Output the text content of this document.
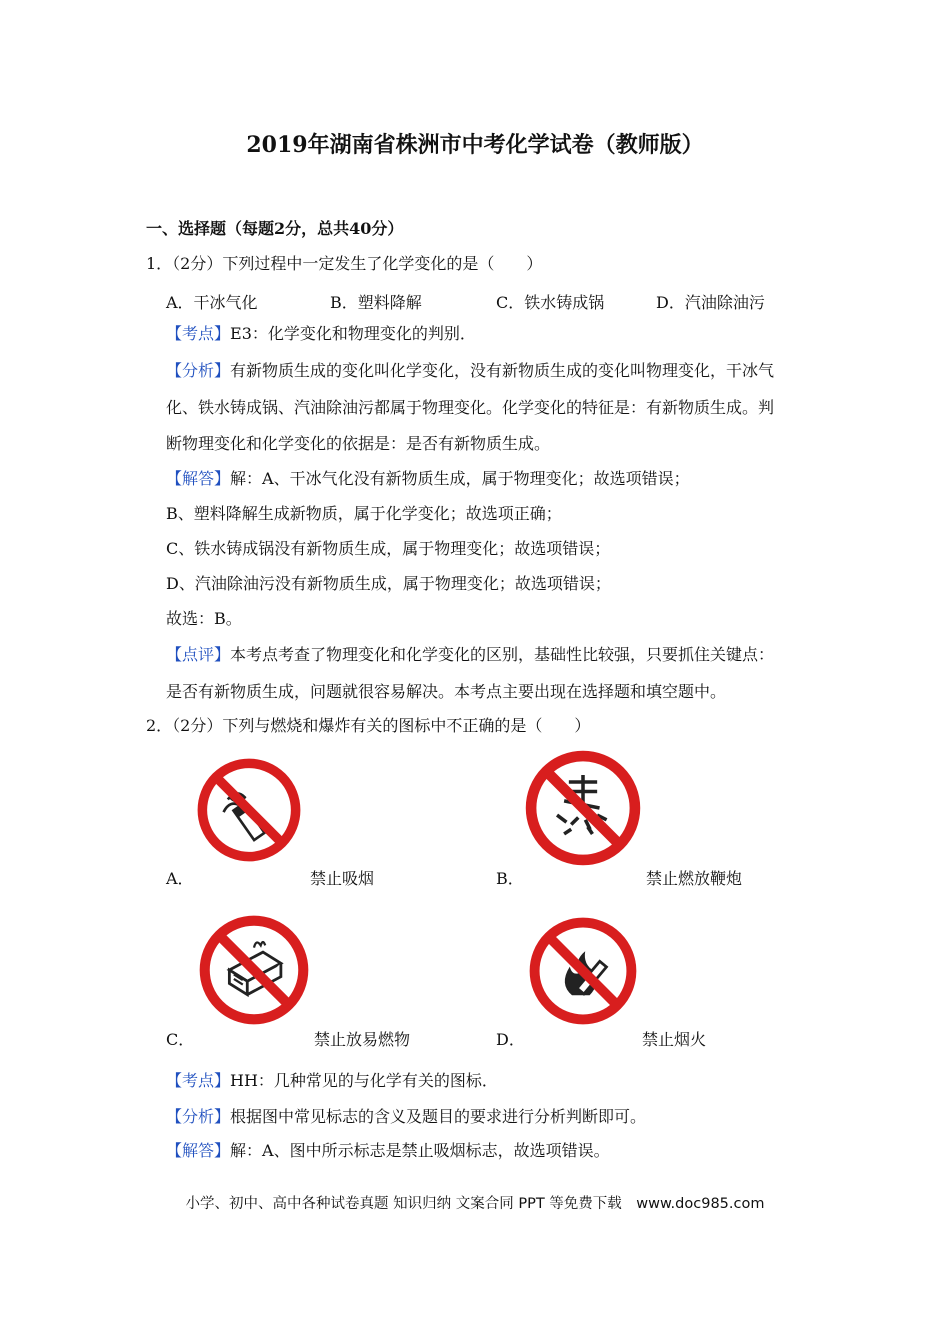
2019年湖南省株洲市中考化学试卷（教师版）
一、选择题（每题2分，总共40分）
1．（2分）下列过程中一定发生了化学变化的是（　　）
A．干冰气化	B．塑料降解	C．铁水铸成锅	D．汽油除油污
【考点】E3：化学变化和物理变化的判别．
【分析】有新物质生成的变化叫化学变化，没有新物质生成的变化叫物理变化，干冰气
化、铁水铸成锅、汽油除油污都属于物理变化。化学变化的特征是：有新物质生成。判
断物理变化和化学变化的依据是：是否有新物质生成。
【解答】解：A、干冰气化没有新物质生成，属于物理变化；故选项错误；
B、塑料降解生成新物质，属于化学变化；故选项正确；
C、铁水铸成锅没有新物质生成，属于物理变化；故选项错误；
D、汽油除油污没有新物质生成，属于物理变化；故选项错误；
故选：B。
【点评】本考点考查了物理变化和化学变化的区别，基础性比较强，只要抓住关键点：
是否有新物质生成，问题就很容易解决。本考点主要出现在选择题和填空题中。
2．（2分）下列与燃烧和爆炸有关的图标中不正确的是（　　）
A．	禁止吸烟	B．	禁止燃放鞭炮
C．	禁止放易燃物	D．	禁止烟火
【考点】HH：几种常见的与化学有关的图标．
【分析】根据图中常见标志的含义及题目的要求进行分析判断即可。
【解答】解：A、图中所示标志是禁止吸烟标志，故选项错误。
小学、初中、高中各种试卷真题 知识归纳 文案合同 PPT 等免费下载　www.doc985.com
